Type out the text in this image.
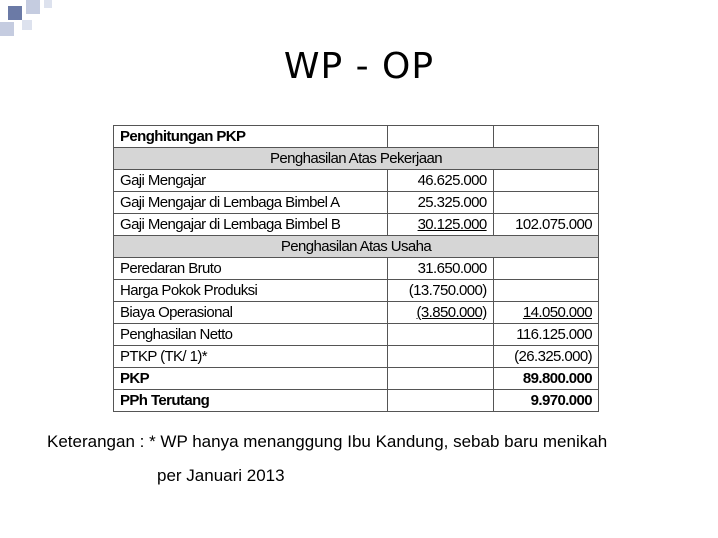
WP - OP
Penghitungan PKP		
Penghasilan Atas Pekerjaan		
Gaji Mengajar	46.625.000	
Gaji Mengajar di Lembaga Bimbel A	25.325.000	
Gaji Mengajar di Lembaga Bimbel B	30.125.000	102.075.000
Penghasilan Atas Usaha		
Peredaran Bruto	31.650.000	
Harga Pokok Produksi	(13.750.000)	
Biaya Operasional	(3.850.000)	14.050.000
Penghasilan Netto		116.125.000
PTKP (TK/ 1)*		(26.325.000)
PKP		89.800.000
PPh Terutang		9.970.000
Keterangan : * WP hanya menanggung Ibu Kandung, sebab baru menikah
per Januari 2013
